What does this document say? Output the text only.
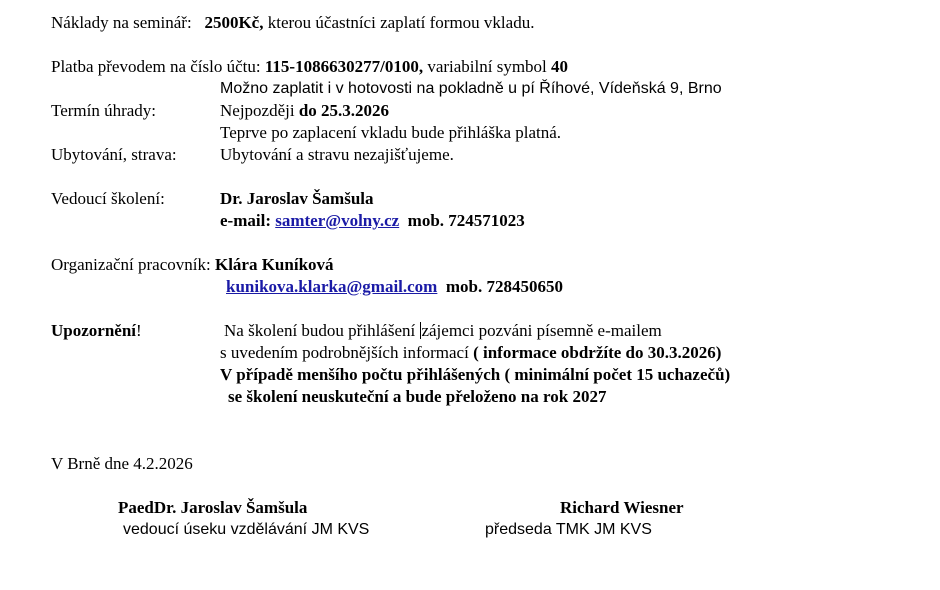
Náklady na seminář: 2500Kč, kterou účastníci zaplatí formou vkladu.
Platba převodem na číslo účtu: 115-1086630277/0100, variabilní symbol 40
Možno zaplatit i v hotovosti na pokladně u pí Říhové, Vídeňská 9, Brno
Termín úhrady:	Nejpozději do 25.3.2026
Teprve po zaplacení vkladu bude přihláška platná.
Ubytování, strava:	Ubytování a stravu nezajišťujeme.
Vedoucí školení:	Dr. Jaroslav Šamšula
e-mail: samter@volny.cz mob. 724571023
Organizační pracovník: Klára Kuníková
kunikova.klarka@gmail.com mob. 728450650
Upozornění!	Na školení budou přihlášení zájemci pozváni písemně e-mailem
s uvedením podrobnějších informací ( informace obdržíte do 30.3.2026)
V případě menšího počtu přihlášených ( minimální počet 15 uchazečů)
se školení neuskuteční a bude přeloženo na rok 2027
V Brně dne 4.2.2026
PaedDr. Jaroslav Šamšula
vedoucí úseku vzdělávání JM KVS
Richard Wiesner
předseda TMK JM KVS
